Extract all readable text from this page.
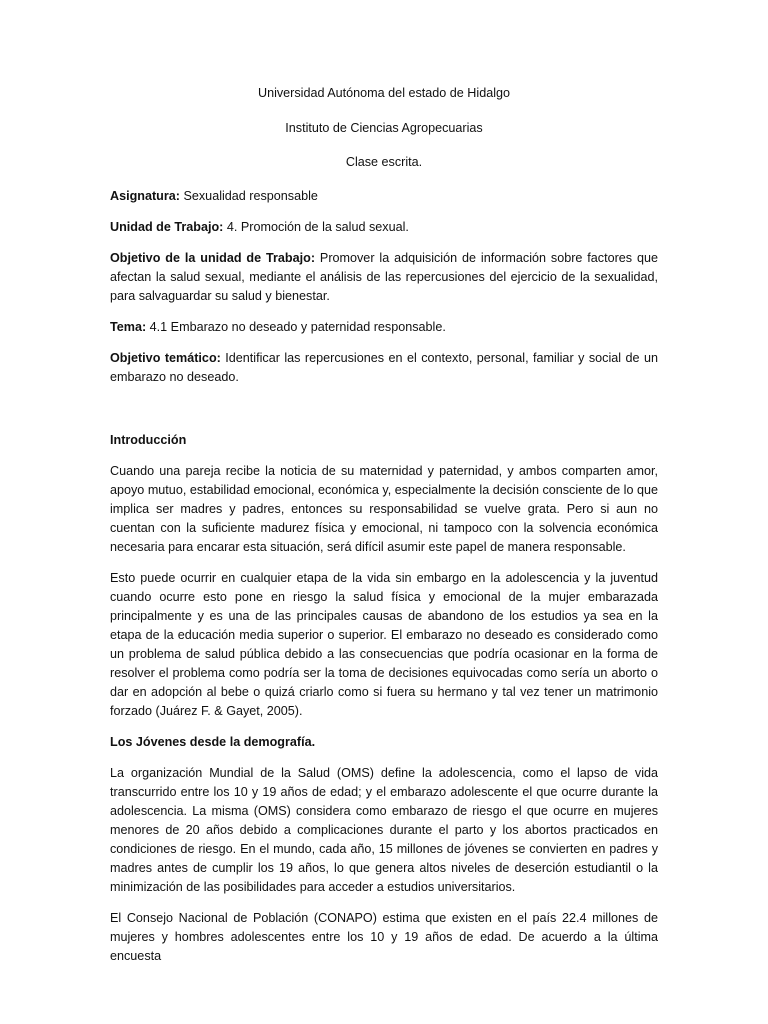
Universidad Autónoma del estado de Hidalgo
Instituto de Ciencias Agropecuarias
Clase escrita.

Asignatura: Sexualidad responsable

Unidad de Trabajo: 4. Promoción de la salud sexual.

Objetivo de la unidad de Trabajo: Promover la adquisición de información sobre factores que afectan la salud sexual, mediante el análisis de las repercusiones del ejercicio de la sexualidad, para salvaguardar su salud y bienestar.

Tema: 4.1 Embarazo no deseado y paternidad responsable.

Objetivo temático: Identificar las repercusiones en el contexto, personal, familiar y social de un embarazo no deseado.

Introducción

Cuando una pareja recibe la noticia de su maternidad y paternidad, y ambos comparten amor, apoyo mutuo, estabilidad emocional, económica y, especialmente la decisión consciente de lo que implica ser madres y padres, entonces su responsabilidad se vuelve grata. Pero si aun no cuentan con la suficiente madurez física y emocional, ni tampoco con la solvencia económica necesaria para encarar esta situación, será difícil asumir este papel de manera responsable.

Esto puede ocurrir en cualquier etapa de la vida sin embargo en la adolescencia y la juventud cuando ocurre esto pone en riesgo la salud física y emocional de la mujer embarazada principalmente y es una de las principales causas de abandono de los estudios ya sea en la etapa de la educación media superior o superior. El embarazo no deseado es considerado como un problema de salud pública debido a las consecuencias que podría ocasionar en la forma de resolver el problema como podría ser la toma de decisiones equivocadas como sería un aborto o dar en adopción al bebe o quizá criarlo como si fuera su hermano y tal vez tener un matrimonio forzado (Juárez F. & Gayet, 2005).

Los Jóvenes desde la demografía.

La organización Mundial de la Salud (OMS) define la adolescencia, como el lapso de vida transcurrido entre los 10 y 19 años de edad; y el embarazo adolescente el que ocurre durante la adolescencia. La misma (OMS) considera como embarazo de riesgo el que ocurre en mujeres menores de 20 años debido a complicaciones durante el parto y los abortos practicados en condiciones de riesgo. En el mundo, cada año, 15 millones de jóvenes se convierten en padres y madres antes de cumplir los 19 años, lo que genera altos niveles de deserción estudiantil o la minimización de las posibilidades para acceder a estudios universitarios.

El Consejo Nacional de Población (CONAPO) estima que existen en el país 22.4 millones de mujeres y hombres adolescentes entre los 10 y 19 años de edad. De acuerdo a la última encuesta
